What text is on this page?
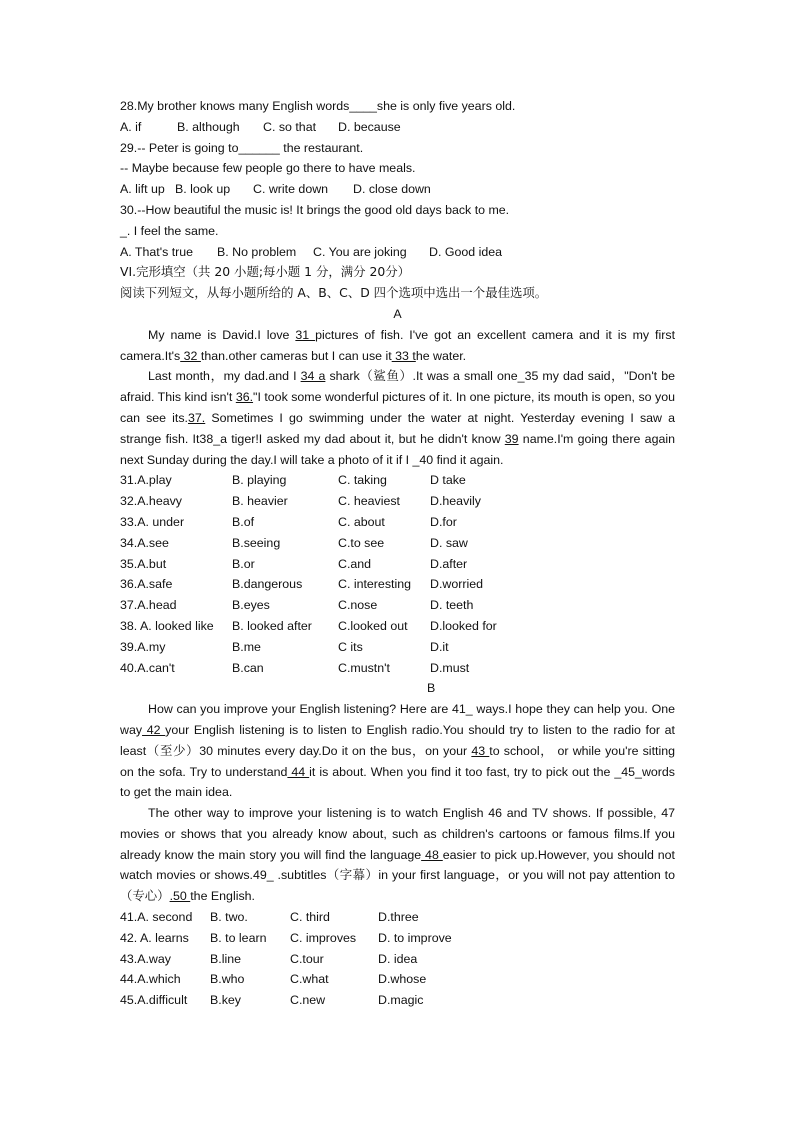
28.My brother knows many English words____she is only five years old.
A. if	B. although	C. so that	D. because
29.-- Peter is going to______ the restaurant.
-- Maybe because few people go there to have meals.
A. lift up B. look up	C. write down	D. close down
30.--How beautiful the music is! It brings the good old days back to me.
_. I feel the same.
A. That's true	B. No problem	C. You are joking	D. Good idea
VI.完形填空（共 20 小题;每小题 1 分，满分 20分）
阅读下列短文，从每小题所给的 A、B、C、D 四个选项中选出一个最佳选项。
A
My name is David.I love 31 pictures of fish. I've got an excellent camera and it is my first camera.It's 32 than.other cameras but I can use it 33 the water.
Last month，my dad.and I 34 a shark（鲨鱼）.It was a small one_35 my dad said，"Don't be afraid. This kind isn't 36."I took some wonderful pictures of it. In one picture, its mouth is open, so you can see its.37. Sometimes I go swimming under the water at night. Yesterday evening I saw a strange fish. It38_a tiger!I asked my dad about it, but he didn't know 39 name.I'm going there again next Sunday during the day.I will take a photo of it if I _40 find it again.
31.A.play	B. playing	C. taking	D take
32.A.heavy	B. heavier	C. heaviest	D.heavily
33.A. under	B.of	C. about	D.for
34.A.see	B.seeing	C.to see	D. saw
35.A.but	B.or	C.and	D.after
36.A.safe	B.dangerous	C. interesting	D.worried
37.A.head	B.eyes	C.nose	D. teeth
38. A. looked like	B. looked after	C.looked out	D.looked for
39.A.my	B.me	C its	D.it
40.A.can't	B.can	C.mustn't	D.must
B
How can you improve your English listening? Here are 41_ ways.I hope they can help you. One way 42 your English listening is to listen to English radio.You should try to listen to the radio for at least（至少）30 minutes every day.Do it on the bus，on your 43 to school， or while you're sitting on the sofa. Try to understand 44 it is about. When you find it too fast, try to pick out the _45_words to get the main idea.
The other way to improve your listening is to watch English 46 and TV shows. If possible, 47 movies or shows that you already know about, such as children's cartoons or famous films.If you already know the main story you will find the language 48 easier to pick up.However, you should not watch movies or shows.49_ .subtitles（字幕）in your first language，or you will not pay attention to（专心）.50 the English.
41.A. second	B. two.	C. third	D.three
42. A. learns	B. to learn	C. improves	D. to improve
43.A.way	B.line	C.tour	D. idea
44.A.which	B.who	C.what	D.whose
45.A.difficult	B.key	C.new	D.magic
